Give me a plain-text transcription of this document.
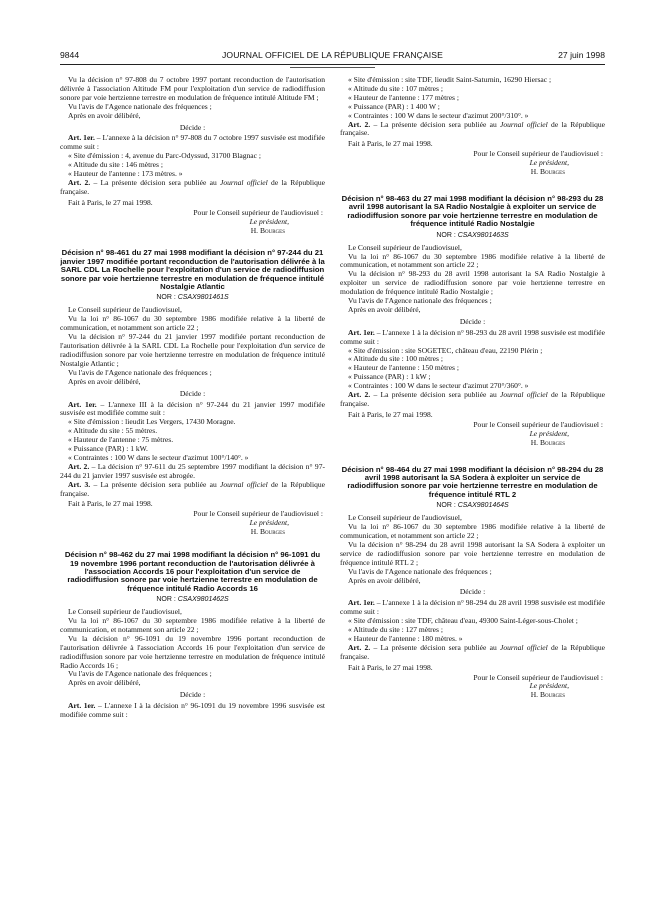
9844	JOURNAL OFFICIEL DE LA RÉPUBLIQUE FRANÇAISE	27 juin 1998

Vu la décision n° 97-808 du 7 octobre 1997 portant reconduction de l'autorisation délivrée à l'association Altitude FM pour l'exploitation d'un service de radiodiffusion sonore par voie hertzienne terrestre en modulation de fréquence intitulé Altitude FM ;

Vu l'avis de l'Agence nationale des fréquences ;

Après en avoir délibéré,

Décide :

Art. 1er. – L'annexe à la décision n° 97-808 du 7 octobre 1997 susvisée est modifiée comme suit :

« Site d'émission : 4, avenue du Parc-Odyssud, 31700 Blagnac ;

« Altitude du site : 146 mètres ;

« Hauteur de l'antenne : 173 mètres. »

Art. 2. – La présente décision sera publiée au Journal officiel de la République française.

Fait à Paris, le 27 mai 1998.

Pour le Conseil supérieur de l'audiovisuel :
Le président,
H. Bourges
Décision n° 98-461 du 27 mai 1998 modifiant la décision n° 97-244 du 21 janvier 1997 modifiée portant reconduction de l'autorisation délivrée à la SARL CDL La Rochelle pour l'exploitation d'un service de radiodiffusion sonore par voie hertzienne terrestre en modulation de fréquence intitulé Nostalgie Atlantic
NOR : CSAX9801461S

Le Conseil supérieur de l'audiovisuel,

Vu la loi n° 86-1067 du 30 septembre 1986 modifiée relative à la liberté de communication, et notamment son article 22 ;

Vu la décision n° 97-244 du 21 janvier 1997 modifiée portant reconduction de l'autorisation délivrée à la SARL CDL La Rochelle pour l'exploitation d'un service de radiodiffusion sonore par voie hertzienne terrestre en modulation de fréquence intitulé Nostalgie Atlantic ;

Vu l'avis de l'Agence nationale des fréquences ;

Après en avoir délibéré,

Décide :

Art. 1er. – L'annexe III à la décision n° 97-244 du 21 janvier 1997 modifiée susvisée est modifiée comme suit :

« Site d'émission : lieudit Les Vergers, 17430 Moragne.

« Altitude du site : 55 mètres.

« Hauteur de l'antenne : 75 mètres.

« Puissance (PAR) : 1 kW.

« Contraintes : 100 W dans le secteur d'azimut 100°/140°. »

Art. 2. – La décision n° 97-611 du 25 septembre 1997 modifiant la décision n° 97-244 du 21 janvier 1997 susvisée est abrogée.

Art. 3. – La présente décision sera publiée au Journal officiel de la République française.

Fait à Paris, le 27 mai 1998.

Pour le Conseil supérieur de l'audiovisuel :
Le président,
H. Bourges
Décision n° 98-462 du 27 mai 1998 modifiant la décision n° 96-1091 du 19 novembre 1996 portant reconduction de l'autorisation délivrée à l'association Accords 16 pour l'exploitation d'un service de radiodiffusion sonore par voie hertzienne terrestre en modulation de fréquence intitulé Radio Accords 16
NOR : CSAX9801462S

Le Conseil supérieur de l'audiovisuel,

Vu la loi n° 86-1067 du 30 septembre 1986 modifiée relative à la liberté de communication, et notamment son article 22 ;

Vu la décision n° 96-1091 du 19 novembre 1996 portant reconduction de l'autorisation délivrée à l'association Accords 16 pour l'exploitation d'un service de radiodiffusion sonore par voie hertzienne terrestre en modulation de fréquence intitulé Radio Accords 16 ;

Vu l'avis de l'Agence nationale des fréquences ;

Après en avoir délibéré,

Décide :

Art. 1er. – L'annexe I à la décision n° 96-1091 du 19 novembre 1996 susvisée est modifiée comme suit :

« Site d'émission : site TDF, lieudit Saint-Saturnin, 16290 Hiersac ;

« Altitude du site : 107 mètres ;

« Hauteur de l'antenne : 177 mètres ;

« Puissance (PAR) : 1 400 W ;

« Contraintes : 100 W dans le secteur d'azimut 200°/310°. »

Art. 2. – La présente décision sera publiée au Journal officiel de la République française.

Fait à Paris, le 27 mai 1998.

Pour le Conseil supérieur de l'audiovisuel :
Le président,
H. Bourges
Décision n° 98-463 du 27 mai 1998 modifiant la décision n° 98-293 du 28 avril 1998 autorisant la SA Radio Nostalgie à exploiter un service de radiodiffusion sonore par voie hertzienne terrestre en modulation de fréquence intitulé Radio Nostalgie
NOR : CSAX9801463S

Le Conseil supérieur de l'audiovisuel,

Vu la loi n° 86-1067 du 30 septembre 1986 modifiée relative à la liberté de communication, et notamment son article 22 ;

Vu la décision n° 98-293 du 28 avril 1998 autorisant la SA Radio Nostalgie à exploiter un service de radiodiffusion sonore par voie hertzienne terrestre en modulation de fréquence intitulé Radio Nostalgie ;

Vu l'avis de l'Agence nationale des fréquences ;

Après en avoir délibéré,

Décide :

Art. 1er. – L'annexe 1 à la décision n° 98-293 du 28 avril 1998 susvisée est modifiée comme suit :

« Site d'émission : site SOGETEC, château d'eau, 22190 Plérin ;

« Altitude du site : 100 mètres ;

« Hauteur de l'antenne : 150 mètres ;

« Puissance (PAR) : 1 kW ;

« Contraintes : 100 W dans le secteur d'azimut 270°/360°. »

Art. 2. – La présente décision sera publiée au Journal officiel de la République française.

Fait à Paris, le 27 mai 1998.

Pour le Conseil supérieur de l'audiovisuel :
Le président,
H. Bourges
Décision n° 98-464 du 27 mai 1998 modifiant la décision n° 98-294 du 28 avril 1998 autorisant la SA Sodera à exploiter un service de radiodiffusion sonore par voie hertzienne terrestre en modulation de fréquence intitulé RTL 2
NOR : CSAX9801464S

Le Conseil supérieur de l'audiovisuel,

Vu la loi n° 86-1067 du 30 septembre 1986 modifiée relative à la liberté de communication, et notamment son article 22 ;

Vu la décision n° 98-294 du 28 avril 1998 autorisant la SA Sodera à exploiter un service de radiodiffusion sonore par voie hertzienne terrestre en modulation de fréquence intitulé RTL 2 ;

Vu l'avis de l'Agence nationale des fréquences ;

Après en avoir délibéré,

Décide :

Art. 1er. – L'annexe 1 à la décision n° 98-294 du 28 avril 1998 susvisée est modifiée comme suit :

« Site d'émission : site TDF, château d'eau, 49300 Saint-Léger-sous-Cholet ;

« Altitude du site : 127 mètres ;

« Hauteur de l'antenne : 180 mètres. »

Art. 2. – La présente décision sera publiée au Journal officiel de la République française.

Fait à Paris, le 27 mai 1998.

Pour le Conseil supérieur de l'audiovisuel :
Le président,
H. Bourges
